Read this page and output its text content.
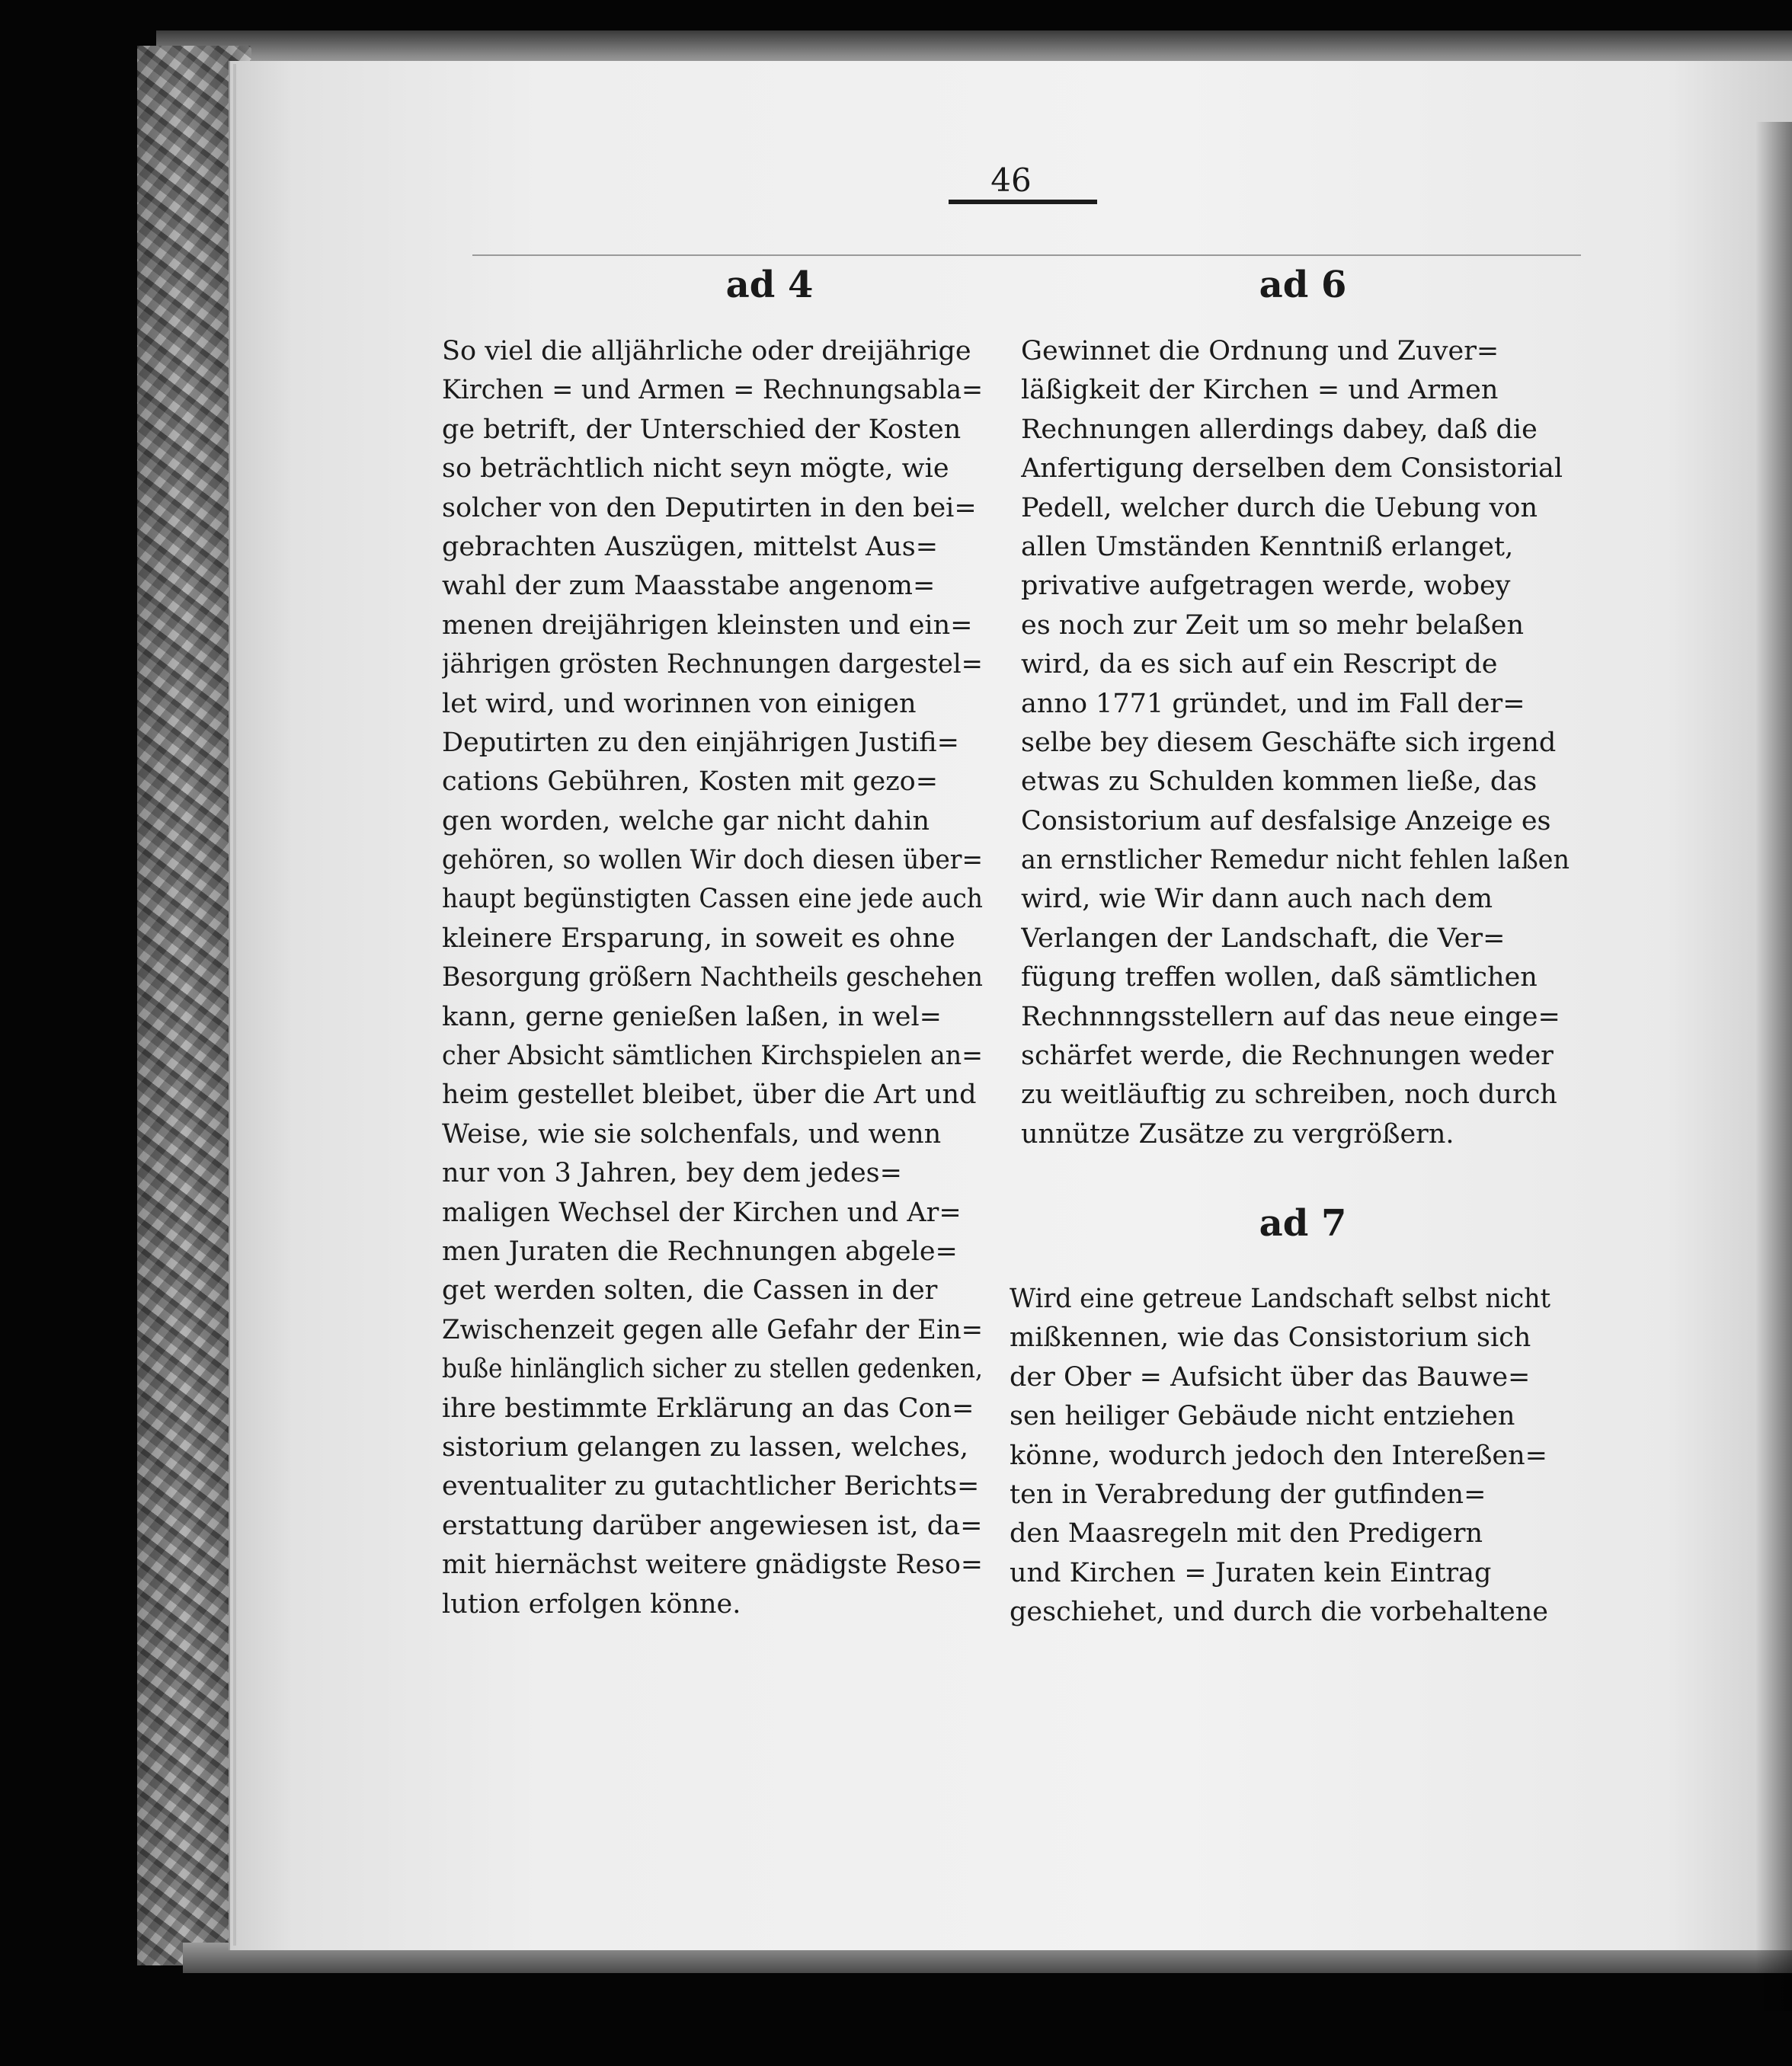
46
ad 4
So viel die alljährliche oder dreijährige
Kirchen = und Armen = Rechnungsabla=
ge betrift, der Unterschied der Kosten
so beträchtlich nicht seyn mögte, wie
solcher von den Deputirten in den bei=
gebrachten Auszügen, mittelst Aus=
wahl der zum Maasstabe angenom=
menen dreijährigen kleinsten und ein=
jährigen grösten Rechnungen dargestel=
let wird, und worinnen von einigen
Deputirten zu den einjährigen Justifi=
cations Gebühren, Kosten mit gezo=
gen worden, welche gar nicht dahin
gehören, so wollen Wir doch diesen über=
haupt begünstigten Cassen eine jede auch
kleinere Ersparung, in soweit es ohne
Besorgung größern Nachtheils geschehen
kann, gerne genießen laßen, in wel=
cher Absicht sämtlichen Kirchspielen an=
heim gestellet bleibet, über die Art und
Weise, wie sie solchenfals, und wenn
nur von 3 Jahren, bey dem jedes=
maligen Wechsel der Kirchen und Ar=
men Juraten die Rechnungen abgele=
get werden solten, die Cassen in der
Zwischenzeit gegen alle Gefahr der Ein=
buße hinlänglich sicher zu stellen gedenken,
ihre bestimmte Erklärung an das Con=
sistorium gelangen zu lassen, welches,
eventualiter zu gutachtlicher Berichts=
erstattung darüber angewiesen ist, da=
mit hiernächst weitere gnädigste Reso=
lution erfolgen könne.
ad 6
Gewinnet die Ordnung und Zuver=
läßigkeit der Kirchen = und Armen
Rechnungen allerdings dabey, daß die
Anfertigung derselben dem Consistorial
Pedell, welcher durch die Uebung von
allen Umständen Kenntniß erlanget,
privative aufgetragen werde, wobey
es noch zur Zeit um so mehr belaßen
wird, da es sich auf ein Rescript de
anno 1771 gründet, und im Fall der=
selbe bey diesem Geschäfte sich irgend
etwas zu Schulden kommen ließe, das
Consistorium auf desfalsige Anzeige es
an ernstlicher Remedur nicht fehlen laßen
wird, wie Wir dann auch nach dem
Verlangen der Landschaft, die Ver=
fügung treffen wollen, daß sämtlichen
Rechnnngsstellern auf das neue einge=
schärfet werde, die Rechnungen weder
zu weitläuftig zu schreiben, noch durch
unnütze Zusätze zu vergrößern.
ad 7
Wird eine getreue Landschaft selbst nicht
mißkennen, wie das Consistorium sich
der Ober = Aufsicht über das Bauwe=
sen heiliger Gebäude nicht entziehen
könne, wodurch jedoch den Intereßen=
ten in Verabredung der gutfinden=
den Maasregeln mit den Predigern
und Kirchen = Juraten kein Eintrag
geschiehet, und durch die vorbehaltene
